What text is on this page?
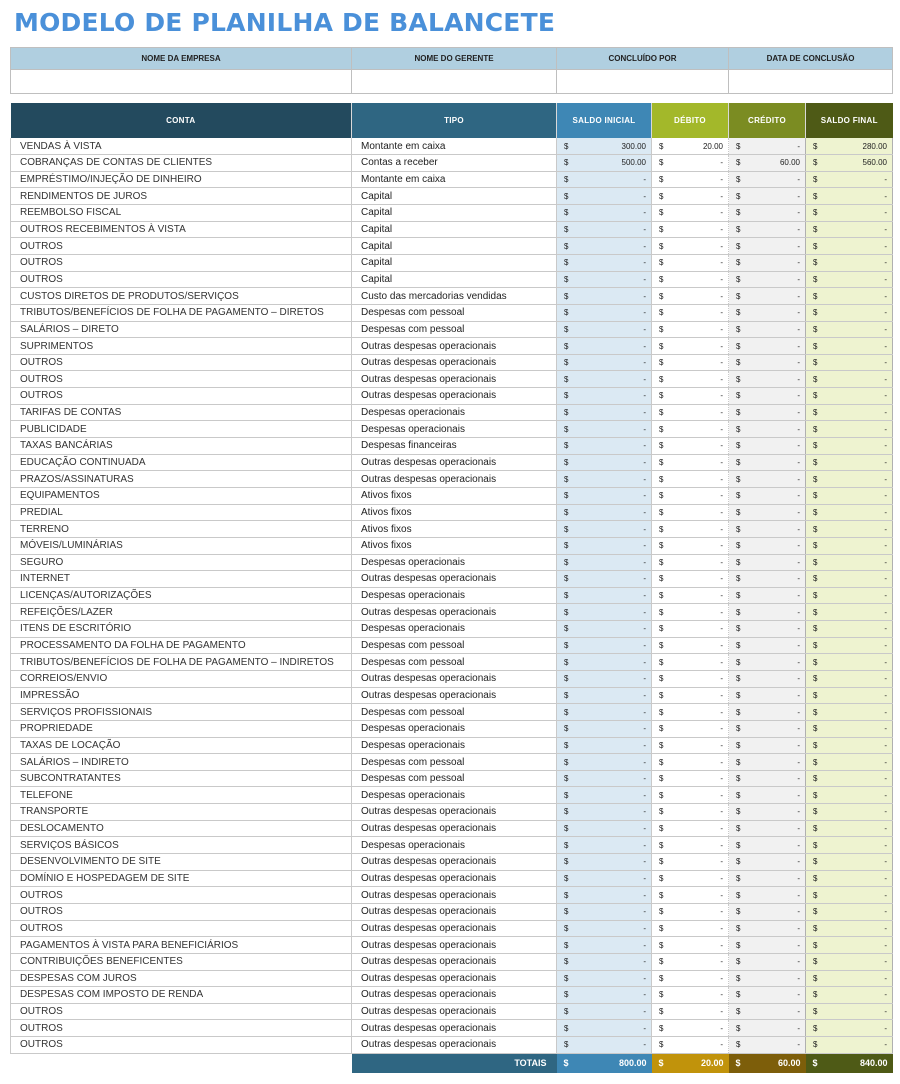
MODELO DE PLANILHA DE BALANCETE
NOME DA EMPRESA	NOME DO GERENTE	CONCLUÍDO POR	DATA DE CONCLUSÃO

CONTA	TIPO	SALDO INICIAL	DÉBITO	CRÉDITO	SALDO FINAL
VENDAS À VISTA	Montante em caixa	$ 300.00	$ 20.00	$ -	$ 280.00

COBRANÇAS DE CONTAS DE CLIENTES	Contas a receber	$ 500.00	$ -	$ 60.00	$ 560.00

EMPRÉSTIMO/INJEÇÃO DE DINHEIRO	Montante em caixa	$ -	$ -	$ -	$ -

RENDIMENTOS DE JUROS	Capital	$ -	$ -	$ -	$ -

REEMBOLSO FISCAL	Capital	$ -	$ -	$ -	$ -

OUTROS RECEBIMENTOS À VISTA	Capital	$ -	$ -	$ -	$ -

OUTROS	Capital	$ -	$ -	$ -	$ -

OUTROS	Capital	$ -	$ -	$ -	$ -

OUTROS	Capital	$ -	$ -	$ -	$ -

CUSTOS DIRETOS DE PRODUTOS/SERVIÇOS	Custo das mercadorias vendidas	$ -	$ -	$ -	$ -

TRIBUTOS/BENEFÍCIOS DE FOLHA DE PAGAMENTO – DIRETOS	Despesas com pessoal	$ -	$ -	$ -	$ -

SALÁRIOS – DIRETO	Despesas com pessoal	$ -	$ -	$ -	$ -

SUPRIMENTOS	Outras despesas operacionais	$ -	$ -	$ -	$ -

OUTROS	Outras despesas operacionais	$ -	$ -	$ -	$ -

OUTROS	Outras despesas operacionais	$ -	$ -	$ -	$ -

OUTROS	Outras despesas operacionais	$ -	$ -	$ -	$ -

TARIFAS DE CONTAS	Despesas operacionais	$ -	$ -	$ -	$ -

PUBLICIDADE	Despesas operacionais	$ -	$ -	$ -	$ -

TAXAS BANCÁRIAS	Despesas financeiras	$ -	$ -	$ -	$ -

EDUCAÇÃO CONTINUADA	Outras despesas operacionais	$ -	$ -	$ -	$ -

PRAZOS/ASSINATURAS	Outras despesas operacionais	$ -	$ -	$ -	$ -

EQUIPAMENTOS	Ativos fixos	$ -	$ -	$ -	$ -

PREDIAL	Ativos fixos	$ -	$ -	$ -	$ -

TERRENO	Ativos fixos	$ -	$ -	$ -	$ -

MÓVEIS/LUMINÁRIAS	Ativos fixos	$ -	$ -	$ -	$ -

SEGURO	Despesas operacionais	$ -	$ -	$ -	$ -

INTERNET	Outras despesas operacionais	$ -	$ -	$ -	$ -

LICENÇAS/AUTORIZAÇÕES	Despesas operacionais	$ -	$ -	$ -	$ -

REFEIÇÕES/LAZER	Outras despesas operacionais	$ -	$ -	$ -	$ -

ITENS DE ESCRITÓRIO	Despesas operacionais	$ -	$ -	$ -	$ -

PROCESSAMENTO DA FOLHA DE PAGAMENTO	Despesas com pessoal	$ -	$ -	$ -	$ -

TRIBUTOS/BENEFÍCIOS DE FOLHA DE PAGAMENTO – INDIRETOS	Despesas com pessoal	$ -	$ -	$ -	$ -

CORREIOS/ENVIO	Outras despesas operacionais	$ -	$ -	$ -	$ -

IMPRESSÃO	Outras despesas operacionais	$ -	$ -	$ -	$ -

SERVIÇOS PROFISSIONAIS	Despesas com pessoal	$ -	$ -	$ -	$ -

PROPRIEDADE	Despesas operacionais	$ -	$ -	$ -	$ -

TAXAS DE LOCAÇÃO	Despesas operacionais	$ -	$ -	$ -	$ -

SALÁRIOS – INDIRETO	Despesas com pessoal	$ -	$ -	$ -	$ -

SUBCONTRATANTES	Despesas com pessoal	$ -	$ -	$ -	$ -

TELEFONE	Despesas operacionais	$ -	$ -	$ -	$ -

TRANSPORTE	Outras despesas operacionais	$ -	$ -	$ -	$ -

DESLOCAMENTO	Outras despesas operacionais	$ -	$ -	$ -	$ -

SERVIÇOS BÁSICOS	Despesas operacionais	$ -	$ -	$ -	$ -

DESENVOLVIMENTO DE SITE	Outras despesas operacionais	$ -	$ -	$ -	$ -

DOMÍNIO E HOSPEDAGEM DE SITE	Outras despesas operacionais	$ -	$ -	$ -	$ -

OUTROS	Outras despesas operacionais	$ -	$ -	$ -	$ -

OUTROS	Outras despesas operacionais	$ -	$ -	$ -	$ -

OUTROS	Outras despesas operacionais	$ -	$ -	$ -	$ -

PAGAMENTOS À VISTA PARA BENEFICIÁRIOS	Outras despesas operacionais	$ -	$ -	$ -	$ -

CONTRIBUIÇÕES BENEFICENTES	Outras despesas operacionais	$ -	$ -	$ -	$ -

DESPESAS COM JUROS	Outras despesas operacionais	$ -	$ -	$ -	$ -

DESPESAS COM IMPOSTO DE RENDA	Outras despesas operacionais	$ -	$ -	$ -	$ -

OUTROS	Outras despesas operacionais	$ -	$ -	$ -	$ -

OUTROS	Outras despesas operacionais	$ -	$ -	$ -	$ -

OUTROS	Outras despesas operacionais	$ -	$ -	$ -	$ -

	TOTAIS	$ 800.00	$ 20.00	$ 60.00	$ 840.00
